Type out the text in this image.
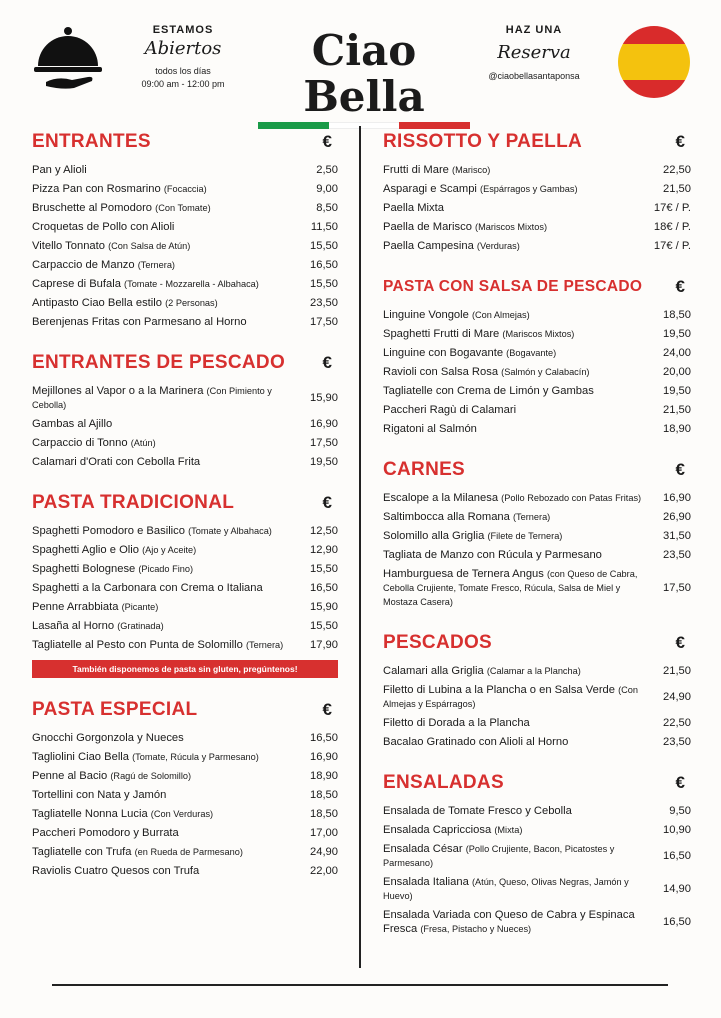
ESTAMOS
Abiertos
todos los días
09:00 am - 12:00 pm
Ciao Bella
HAZ UNA
Reserva
@ciaobellasantaponsa
ENTRANTES	€
Pan y Alioli	2,50
Pizza Pan con Rosmarino (Focaccia)	9,00
Bruschette al Pomodoro (Con Tomate)	8,50
Croquetas de Pollo con Alioli	11,50
Vitello Tonnato (Con Salsa de Atún)	15,50
Carpaccio de Manzo (Ternera)	16,50
Caprese di Bufala (Tomate - Mozzarella - Albahaca)	15,50
Antipasto Ciao Bella estilo (2 Personas)	23,50
Berenjenas Fritas con Parmesano al Horno	17,50
ENTRANTES DE PESCADO €
Mejillones al Vapor o a la Marinera (Con Pimiento y Cebolla)
15,90
Gambas al Ajillo	16,90
Carpaccio di Tonno (Atún)	17,50
Calamari d'Orati con Cebolla Frita	19,50
PASTA TRADICIONAL	€
Spaghetti Pomodoro e Basilico (Tomate y Albahaca)	12,50
Spaghetti Aglio e Olio (Ajo y Aceite)	12,90
Spaghetti Bolognese (Picado Fino)	15,50
Spaghetti a la Carbonara con Crema o Italiana	16,50
Penne Arrabbiata (Picante)	15,90
Lasaña al Horno (Gratinada)	15,50
Tagliatelle al Pesto con Punta de Solomillo (Ternera)	17,90
También disponemos de pasta sin gluten, pregúntenos!
PASTA ESPECIAL	€
Gnocchi Gorgonzola y Nueces	16,50
Tagliolini Ciao Bella (Tomate, Rúcula y Parmesano)	16,90
Penne al Bacio (Ragú de Solomillo)	18,90
Tortellini con Nata y Jamón	18,50
Tagliatelle Nonna Lucia (Con Verduras)	18,50
Paccheri Pomodoro y Burrata	17,00
Tagliatelle con Trufa (en Rueda de Parmesano)	24,90
Raviolis Cuatro Quesos con Trufa	22,00
RISSOTTO Y PAELLA	€
Frutti di Mare (Marisco)	22,50
Asparagi e Scampi (Espárragos y Gambas)	21,50
Paella Mixta	17€ / P.
Paella de Marisco (Mariscos Mixtos)	18€ / P.
Paella Campesina (Verduras)	17€ / P.
PASTA CON SALSA DE PESCADO €
Linguine Vongole (Con Almejas)	18,50
Spaghetti Frutti di Mare (Mariscos Mixtos)	19,50
Linguine con Bogavante (Bogavante)	24,00
Ravioli con Salsa Rosa (Salmón y Calabacín)	20,00
Tagliatelle con Crema de Limón y Gambas	19,50
Paccheri Ragù di Calamari	21,50
Rigatoni al Salmón	18,90
CARNES	€
Escalope a la Milanesa (Pollo Rebozado con Patas Fritas)	16,90
Saltimbocca alla Romana (Ternera)	26,90
Solomillo alla Griglia (Filete de Ternera)	31,50
Tagliata de Manzo con Rúcula y Parmesano	23,50
Hamburguesa de Ternera Angus (con Queso de Cabra, Cebolla Crujiente, Tomate Fresco, Rúcula, Salsa de Miel y Mostaza Casera)
17,50
PESCADOS	€
Calamari alla Griglia (Calamar a la Plancha)	21,50
Filetto di Lubina a la Plancha o en Salsa Verde (Con Almejas y Espárragos)
24,90
Filetto di Dorada a la Plancha	22,50
Bacalao Gratinado con Alioli al Horno	23,50
ENSALADAS	€
Ensalada de Tomate Fresco y Cebolla	9,50
Ensalada Capricciosa (Mixta)	10,90
Ensalada César (Pollo Crujiente, Bacon, Picatostes y Parmesano)
16,50
Ensalada Italiana (Atún, Queso, Olivas Negras, Jamón y Huevo)
14,90
Ensalada Variada con Queso de Cabra y Espinaca Fresca (Fresa, Pistacho y Nueces)
16,50
